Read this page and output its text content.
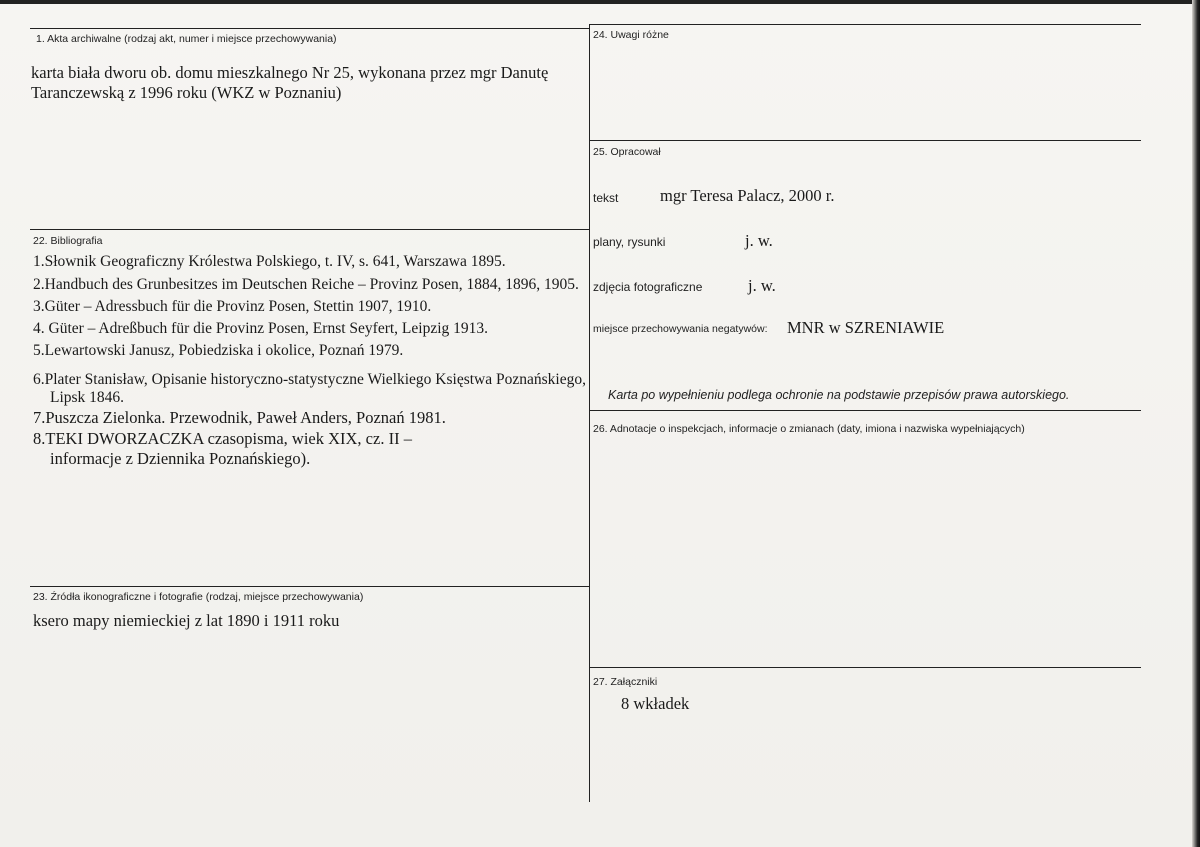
1. Akta archiwalne (rodzaj akt, numer i miejsce przechowywania)
karta biała dworu ob. domu mieszkalnego Nr 25, wykonana przez mgr Danutę
Taranczewską z 1996 roku (WKZ w Poznaniu)
22. Bibliografia
1.Słownik Geograficzny Królestwa Polskiego, t. IV, s. 641, Warszawa 1895.
2.Handbuch des Grunbesitzes im Deutschen Reiche – Provinz Posen, 1884, 1896, 1905.
3.Güter – Adressbuch für die Provinz Posen, Stettin 1907, 1910.
4. Güter – Adreßbuch für die Provinz Posen, Ernst Seyfert, Leipzig 1913.
5.Lewartowski Janusz, Pobiedziska i okolice, Poznań 1979.
6.Plater Stanisław, Opisanie historyczno-statystyczne Wielkiego Księstwa Poznańskiego,
Lipsk 1846.
7.Puszcza Zielonka. Przewodnik, Paweł Anders, Poznań 1981.
8.TEKI DWORZACZKA czasopisma, wiek XIX, cz. II –
informacje z Dziennika Poznańskiego).
23. Źródła ikonograficzne i fotografie (rodzaj, miejsce przechowywania)
ksero mapy niemieckiej z lat 1890 i 1911 roku
24. Uwagi różne
25. Opracował
tekst	mgr Teresa Palacz, 2000 r.
plany, rysunki	j. w.
zdjęcia fotograficzne	j. w.
miejsce przechowywania negatywów: MNR w SZRENIAWIE
Karta po wypełnieniu podlega ochronie na podstawie przepisów prawa autorskiego.
26. Adnotacje o inspekcjach, informacje o zmianach (daty, imiona i nazwiska wypełniających)
27. Załączniki
8 wkładek
